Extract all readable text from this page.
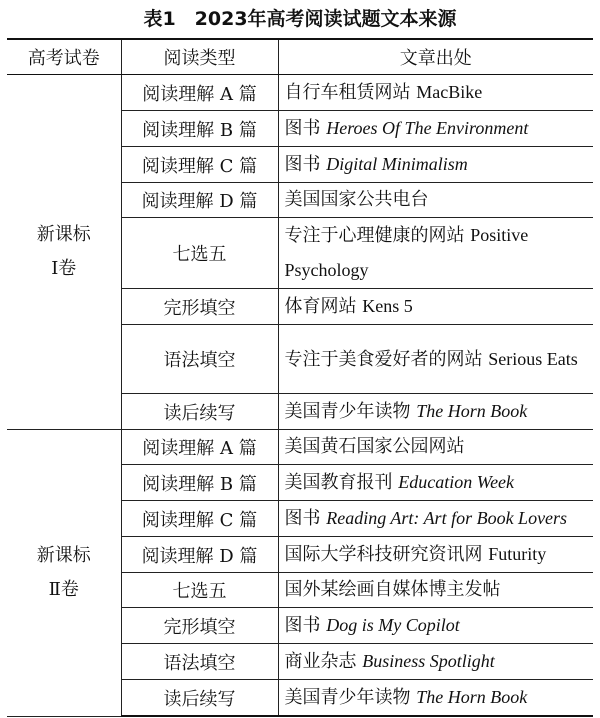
表1　2023年高考阅读试题文本来源
高考试卷	阅读类型	文章出处

新课标
Ⅰ卷	阅读理解 A 篇	自行车租赁网站 MacBike
	阅读理解 B 篇	图书 Heroes Of The Environment
	阅读理解 C 篇	图书 Digital Minimalism
	阅读理解 D 篇	美国国家公共电台
	七选五	专注于心理健康的网站 Positive Psychology
	完形填空	体育网站 Kens 5
	语法填空	专注于美食爱好者的网站 Serious Eats
	读后续写	美国青少年读物 The Horn Book

新课标
Ⅱ卷	阅读理解 A 篇	美国黄石国家公园网站
	阅读理解 B 篇	美国教育报刊 Education Week
	阅读理解 C 篇	图书 Reading Art: Art for Book Lovers
	阅读理解 D 篇	国际大学科技研究资讯网 Futurity
	七选五	国外某绘画自媒体博主发帖
	完形填空	图书 Dog is My Copilot
	语法填空	商业杂志 Business Spotlight
	读后续写	美国青少年读物 The Horn Book
